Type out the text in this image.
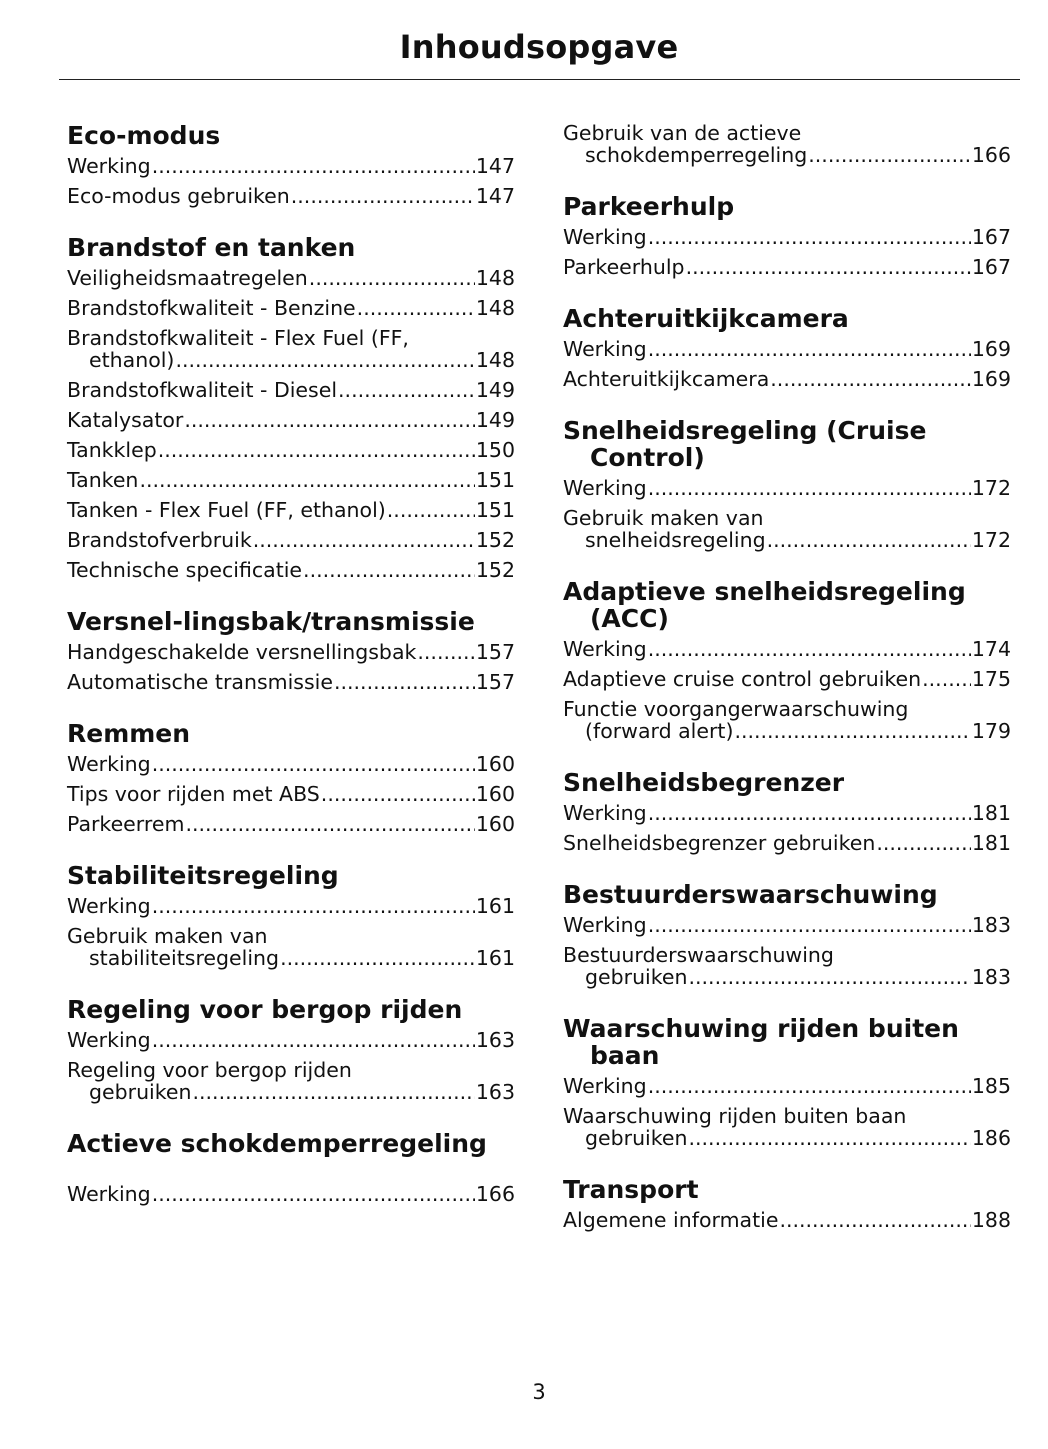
Inhoudsopgave
Eco-modus
Werking .....	147
Eco-modus gebruiken .....	147
Brandstof en tanken
Veiligheidsmaatregelen .....	148
Brandstofkwaliteit - Benzine .....	148
Brandstofkwaliteit - Flex Fuel (FF,
ethanol) .....	148
Brandstofkwaliteit - Diesel .....	149
Katalysator .....	149
Tankklep .....	150
Tanken .....	151
Tanken - Flex Fuel (FF, ethanol) .....	151
Brandstofverbruik .....	152
Technische specificatie .....	152
Versnel-lingsbak/transmissie
Handgeschakelde versnellingsbak .....	157
Automatische transmissie .....	157
Remmen
Werking .....	160
Tips voor rijden met ABS .....	160
Parkeerrem .....	160
Stabiliteitsregeling
Werking .....	161
Gebruik maken van
stabiliteitsregeling .....	161
Regeling voor bergop rijden
Werking .....	163
Regeling voor bergop rijden
gebruiken .....	163
Actieve schokdemperregeling
Werking .....	166
Gebruik van de actieve
schokdemperregeling .....	166
Parkeerhulp
Werking .....	167
Parkeerhulp .....	167
Achteruitkijkcamera
Werking .....	169
Achteruitkijkcamera .....	169
Snelheidsregeling (Cruise Control)
Werking .....	172
Gebruik maken van
snelheidsregeling .....	172
Adaptieve snelheidsregeling (ACC)
Werking .....	174
Adaptieve cruise control gebruiken ..... 175
Functie voorgangerwaarschuwing
(forward alert) .....	179
Snelheidsbegrenzer
Werking .....	181
Snelheidsbegrenzer gebruiken .....	181
Bestuurderswaarschuwing
Werking .....	183
Bestuurderswaarschuwing
gebruiken .....	183
Waarschuwing rijden buiten baan
Werking .....	185
Waarschuwing rijden buiten baan
gebruiken .....	186
Transport
Algemene informatie .....	188
3
